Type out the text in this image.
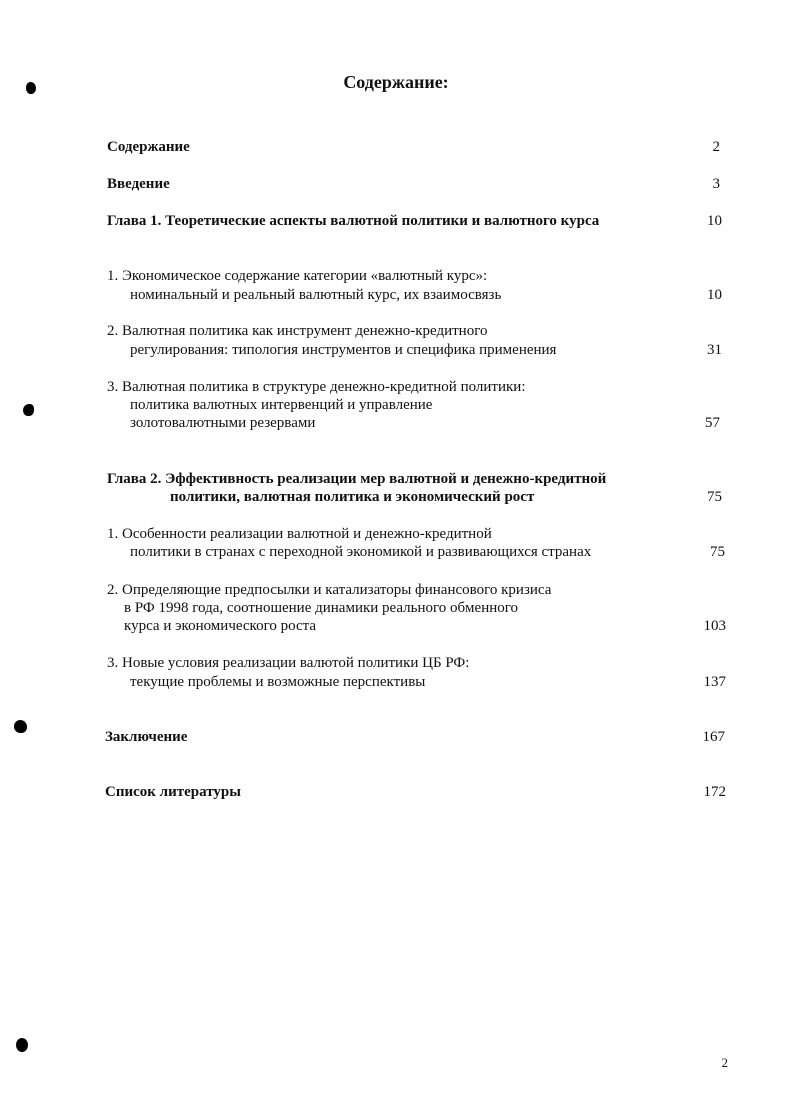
Содержание:
Содержание	2
Введение	3
Глава 1. Теоретические аспекты валютной политики и валютного курса	10
1. Экономическое содержание категории «валютный курс»:
номинальный и реальный валютный курс, их взаимосвязь	10
2. Валютная политика как инструмент денежно-кредитного
регулирования: типология инструментов и специфика применения	31
3. Валютная политика в структуре денежно-кредитной политики:
политика валютных интервенций и управление
золотовалютными резервами	57
Глава 2. Эффективность реализации мер валютной и денежно-кредитной
политики, валютная политика и экономический рост	75
1. Особенности реализации валютной и денежно-кредитной
политики в странах с переходной экономикой и развивающихся странах	75
2. Определяющие предпосылки и катализаторы финансового кризиса
в РФ 1998 года, соотношение динамики реального обменного
курса и экономического роста	103
3. Новые условия реализации валютой политики ЦБ РФ:
текущие проблемы и возможные перспективы	137
Заключение	167
Список литературы	172
2
